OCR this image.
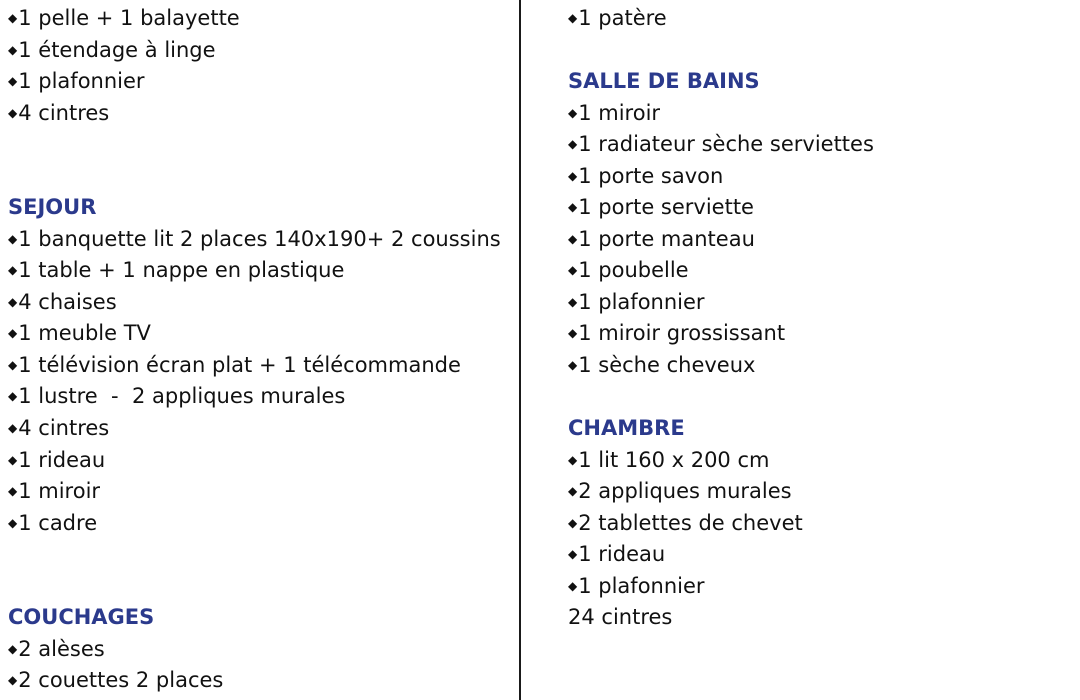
◆1 pelle + 1 balayette
◆1 étendage à linge
◆1 plafonnier
◆4 cintres
SEJOUR
◆1 banquette lit 2 places 140x190+ 2 coussins
◆1 table + 1 nappe en plastique
◆4 chaises
◆1 meuble TV
◆1 télévision écran plat + 1 télécommande
◆1 lustre  -  2 appliques murales
◆4 cintres
◆1 rideau
◆1 miroir
◆1 cadre
COUCHAGES
◆2 alèses
◆2 couettes 2 places
◆1 patère
SALLE DE BAINS
◆1 miroir
◆1 radiateur sèche serviettes
◆1 porte savon
◆1 porte serviette
◆1 porte manteau
◆1 poubelle
◆1 plafonnier
◆1 miroir grossissant
◆1 sèche cheveux
CHAMBRE
◆1 lit 160 x 200 cm
◆2 appliques murales
◆2 tablettes de chevet
◆1 rideau
◆1 plafonnier
24 cintres
